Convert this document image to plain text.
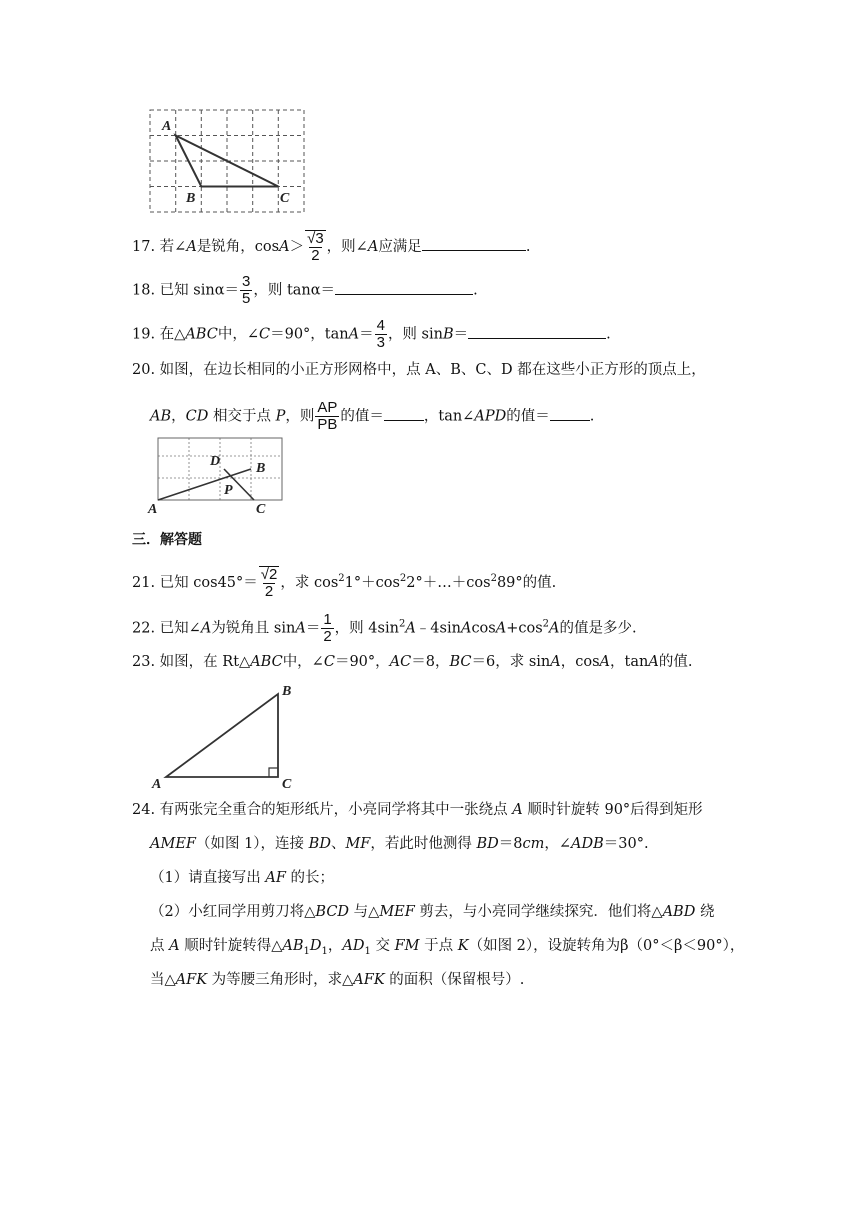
A
B	C
17. 若∠A是锐角，$\cos A> \frac{√3}{2}$ ，则∠A应满足	.
18. 已知 $\sin\alpha= \frac{3}{5}$ ，则 tanα＝	.
19. 在△ABC中，∠C＝90°，$\tan A= \frac{4}{3}$ ，则 sinB＝	.
20. 如图，在边长相同的小正方形网格中，点 A、B、C、D 都在这些小正方形的顶点上，
AB，CD 相交于点 P，则 $\frac{AP}{PB}$ 的值＝	，tan∠APD的值＝	.
D	B
P
A	C
三．解答题
21. 已知 $\cos 45^\circ= \frac{√2}{2}$ ，求 $\cos^21^\circ+\cos^22^\circ+\dots+\cos^289^\circ$的值.
22. 已知∠A为锐角且 $\sin A= \frac{1}{2}$ ，则 $4\sin^2A﹣4sinAcosA+\cos^2A$的值是多少.
23. 如图，在 Rt△ABC中，∠C＝90°，AC＝8，BC＝6，求 sinA，cosA，tanA的值.
A
B
C
24. 有两张完全重合的矩形纸片，小亮同学将其中一张绕点 A 顺时针旋转 90°后得到矩形
AMEF（如图 1），连接 BD、MF，若此时他测得 BD＝8cm，∠ADB＝30°.
（1）请直接写出 AF 的长；
（2）小红同学用剪刀将△BCD 与△MEF 剪去，与小亮同学继续探究．他们将△ABD 绕
点 A 顺时针旋转得$\triangle AB_1D_1$，$AD_1$ 交 FM 于点 K（如图 2），设旋转角为β（0°＜β＜90°），
当△AFK 为等腰三角形时，求△AFK 的面积（保留根号）.
